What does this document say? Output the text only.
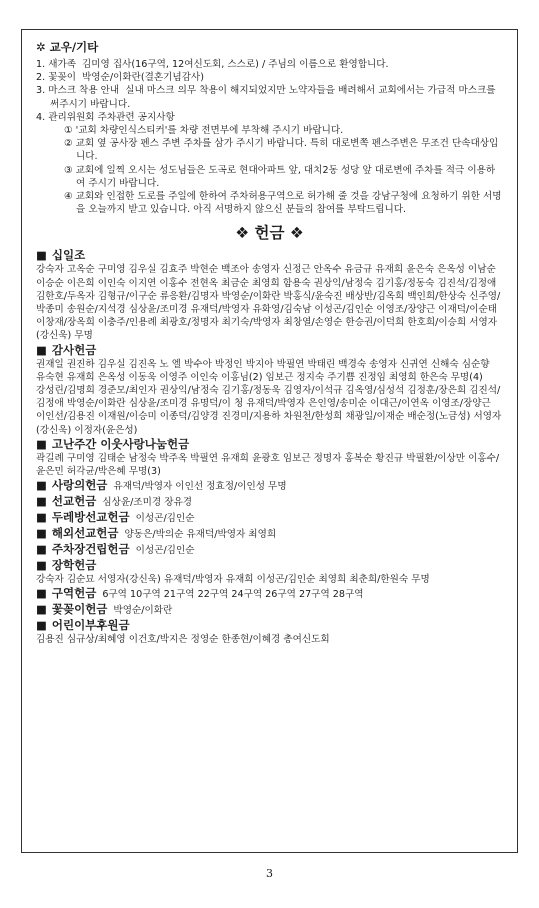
✲ 교우/기타
1. 새가족 김미영 집사(16구역, 12여신도회, 스스로) / 주님의 이름으로 환영합니다.
2. 꽃꽂이 박영순/이화란(결혼기념감사)
3. 마스크 착용 안내 실내 마스크 의무 착용이 해지되었지만 노약자들을 배려해서 교회에서는 가급적 마스크를 써주시기 바랍니다.
4. 관리위원회 주차관련 공지사항
① '교회 차량인식스티커'를 차량 전면부에 부착해 주시기 바랍니다.
② 교회 옆 공사장 펜스 주변 주차를 삼가 주시기 바랍니다. 특히 대로변쪽 펜스주변은 무조건 단속대상입니다.
③ 교회에 일찍 오시는 성도님들은 도곡로 현대아파트 앞, 대치2동 성당 앞 대로변에 주차를 적극 이용하여 주시기 바랍니다.
④ 교회와 인접한 도로를 주일에 한하여 주차허용구역으로 허가해 줄 것을 강남구청에 요청하기 위한 서명을 오늘까지 받고 있습니다. 아직 서명하지 않으신 분들의 참여를 부탁드립니다.
❖ 헌금 ❖
■ 십일조

강숙자 고옥순 구미영 김우실 김효주 박현순 백조아 송영자 신정근 안옥수 유금규 유재희 윤은숙 은옥성 이남순 이승순 이은희 이인숙 이지연 이홍수 전현옥 최금순 최영희 함용숙 권상익/남정숙 김기홍/정동숙 김진석/김정애 김한호/두옥자 김형규/이구순 류응환/김명자 박영순/이화란 박홍식/윤숙진 배상반/김옥희 백인희/한상숙 신주영/박종미 송원순/지석경 심상윤/조미경 유재덕/박영자 유화영/김숙남 이성곤/김인순 이영조/장양근 이재덕/이순태 이창재/장옥희 이충주/인용례 최광호/정명자 최기숙/박영자 최창열/손영순 한승권/이덕희 한호희/이승희 서영자(강신욱) 무명

■ 감사헌금

권재일 권진하 김우실 김진옥 노 엘 박수아 박정인 박지아 박필연 박태린 백경숙 송영자 신귀연 신해숙 심순향 유숙현 유재희 은옥성 이동욱 이영주 이인숙 이홍님(2) 임보근 정지숙 주기쁨 진정임 최영희 한은숙 무명(4) 강성린/김명희 경준모/최인자 권상익/남정숙 김기홍/정동욱 김영자/이석규 김옥영/심성석 김정훈/장은희 김진석/김정애 박영순/이화란 심상윤/조미경 유명덕/이 청 유재덕/박영자 은인영/송미순 이대근/이연옥 이영조/장양근 이인선/김용진 이재원/이승미 이종덕/김양경 진경미/지용하 차원천/한성희 채광일/이재순 배순정(노금성) 서영자(강신욱) 이정자(윤은성)

■ 고난주간 이웃사랑나눔헌금

곽길례 구미영 김태순 남정숙 박주옥 박필연 유재희 윤광호 임보근 정명자 홍복순 황진규 박필환/이상만 이홍수/윤은민 허각균/박은혜 무명(3)

■ 사랑의헌금 유재덕/박영자 이인선 정효정/이인성 무명
■ 선교헌금 심상윤/조미경 장유경
■ 두레방선교헌금 이성곤/김인순
■ 해외선교헌금 양동은/박의순 유재덕/박영자 최영희
■ 주차장건립헌금 이성곤/김인순
■ 장학헌금

강숙자 김순묘 서영자(강신욱) 유재덕/박영자 유재희 이성곤/김인순 최영희 최춘희/한원숙 무명

■ 구역헌금 6구역 10구역 21구역 22구역 24구역 26구역 27구역 28구역
■ 꽃꽂이헌금 박영순/이화란
■ 어린이부후원금

김용진 심규상/최혜영 이건호/박지은 정영순 한종현/이혜경 총여신도회

3
